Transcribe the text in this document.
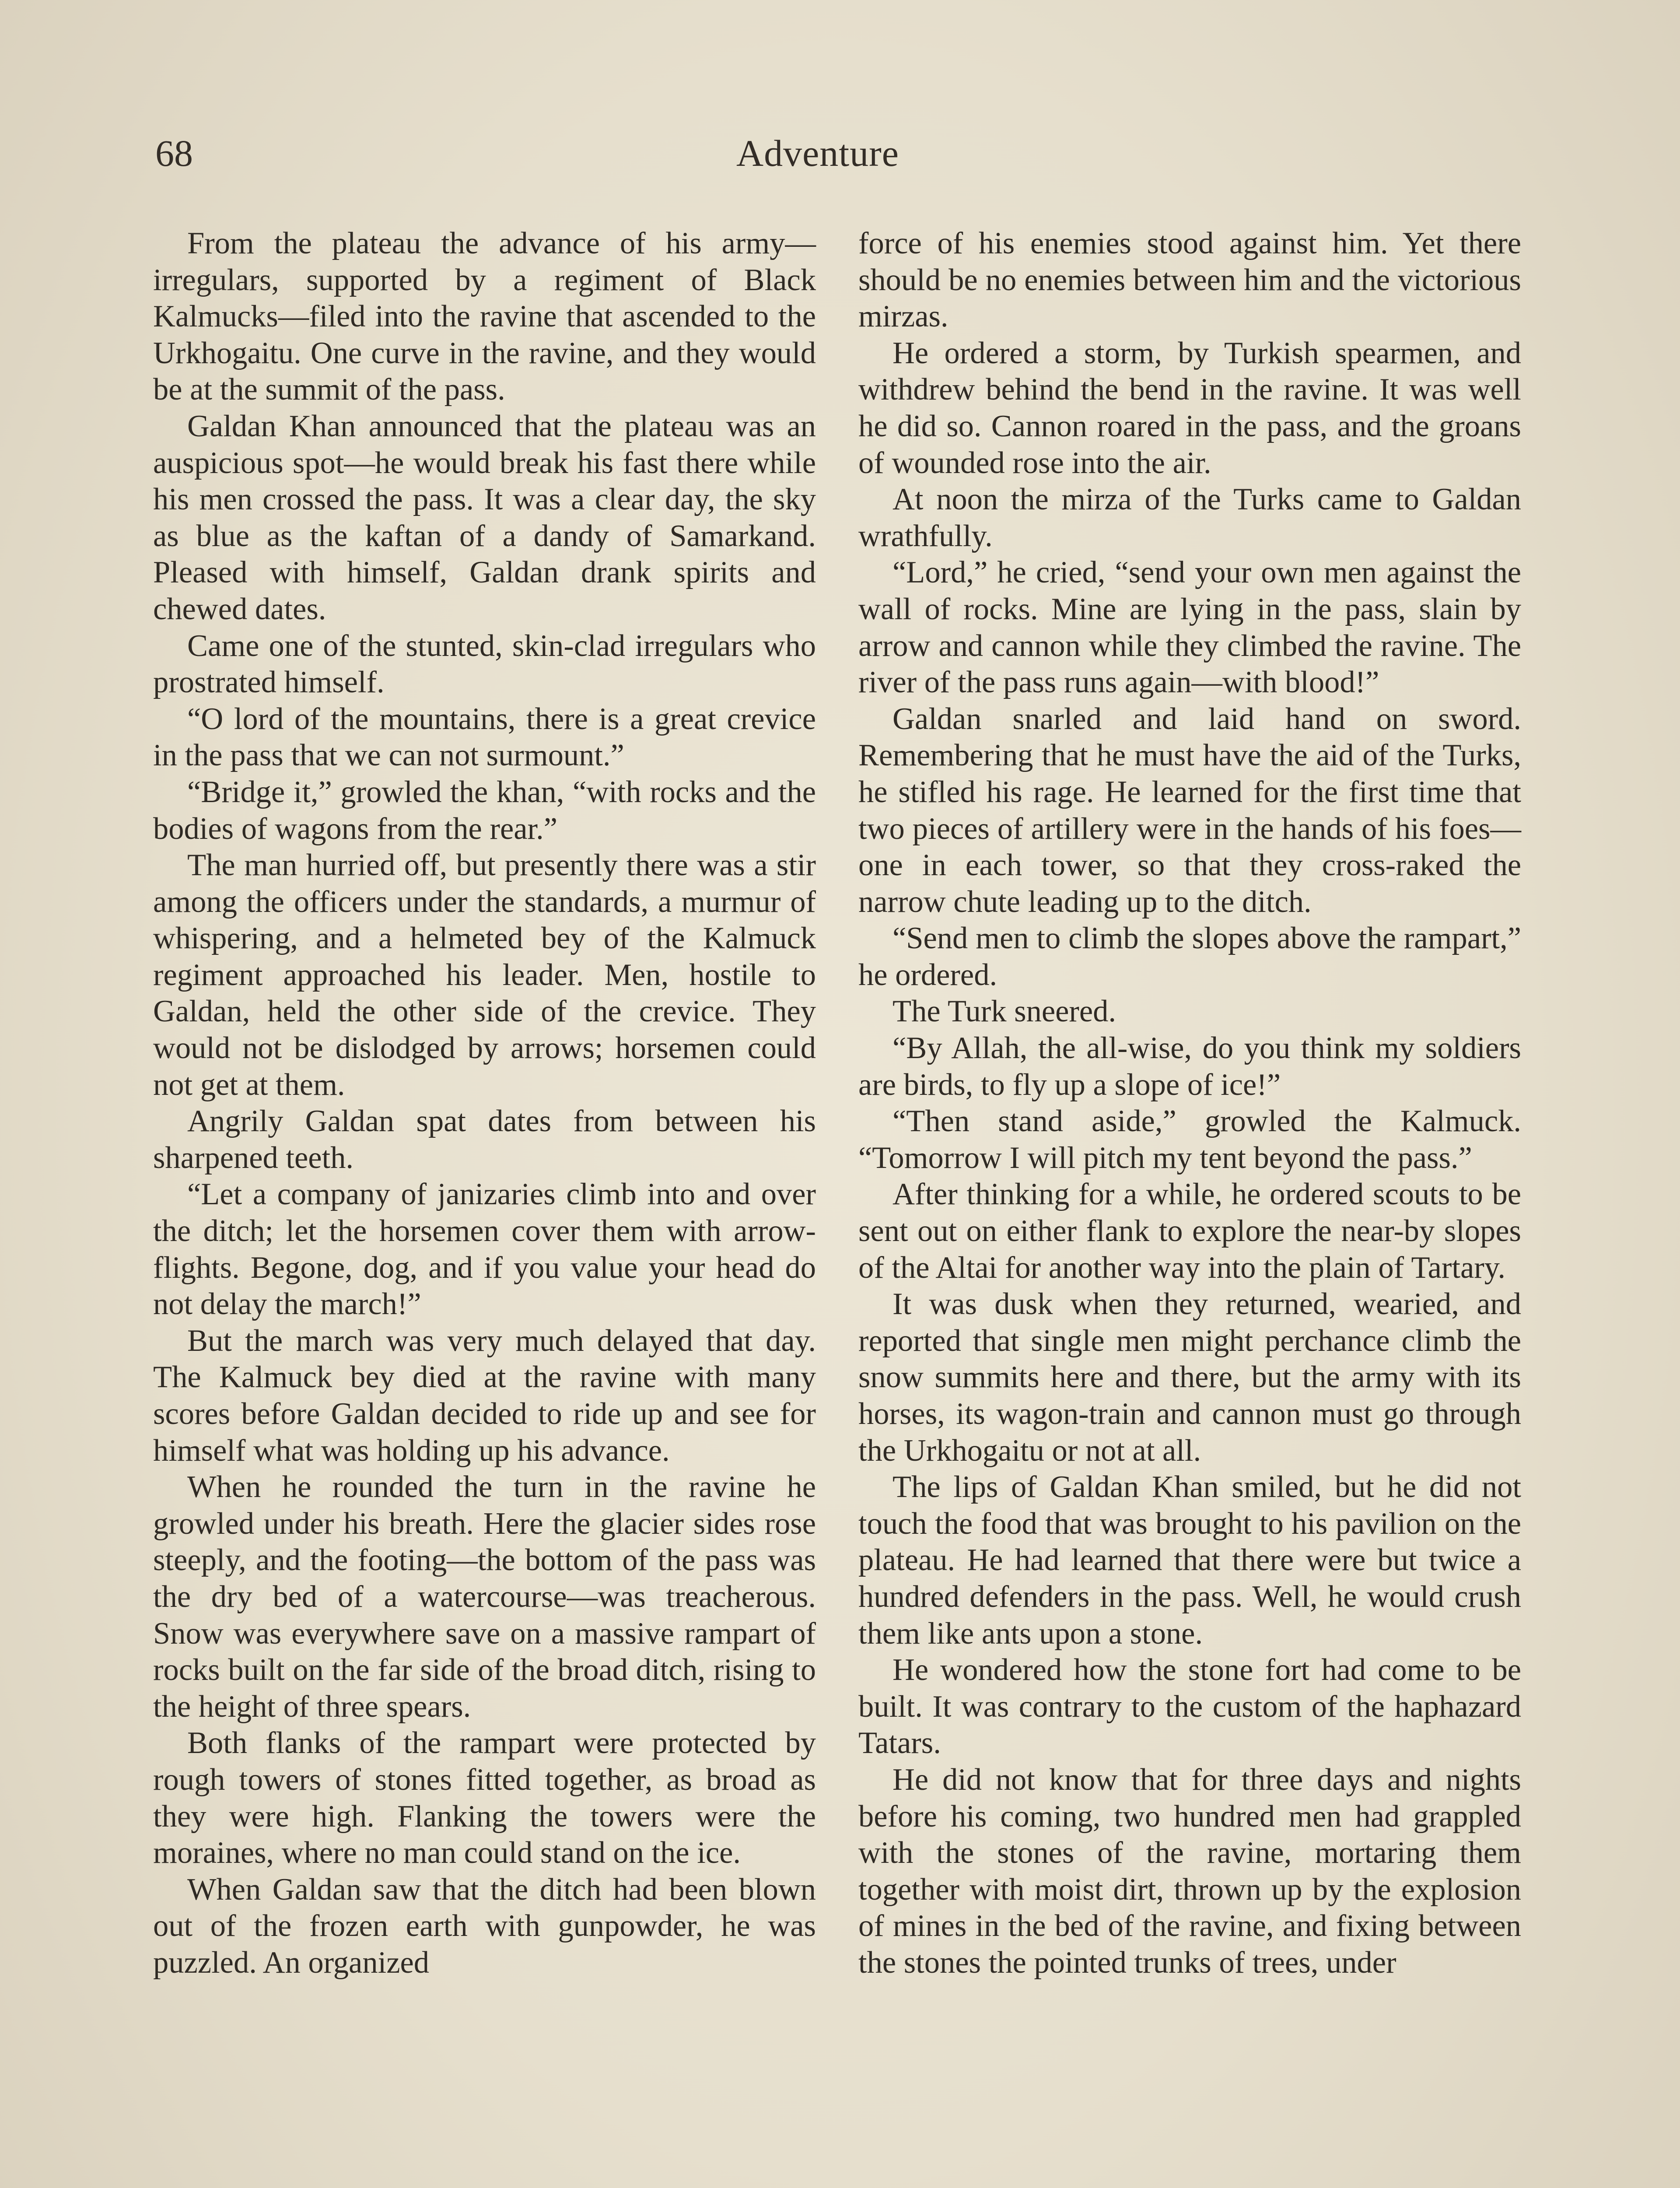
68	Adventure

From the plateau the advance of his army—irregulars, supported by a regiment of Black Kalmucks—filed into the ravine that ascended to the Urkhogaitu. One curve in the ravine, and they would be at the summit of the pass.

Galdan Khan announced that the plateau was an auspicious spot—he would break his fast there while his men crossed the pass. It was a clear day, the sky as blue as the kaftan of a dandy of Samarkand. Pleased with himself, Galdan drank spirits and chewed dates.

Came one of the stunted, skin-clad irregulars who prostrated himself.

“O lord of the mountains, there is a great crevice in the pass that we can not surmount.”

“Bridge it,” growled the khan, “with rocks and the bodies of wagons from the rear.”

The man hurried off, but presently there was a stir among the officers under the standards, a murmur of whispering, and a helmeted bey of the Kalmuck regiment approached his leader. Men, hostile to Galdan, held the other side of the crevice. They would not be dislodged by arrows; horsemen could not get at them.

Angrily Galdan spat dates from between his sharpened teeth.

“Let a company of janizaries climb into and over the ditch; let the horsemen cover them with arrow-flights. Begone, dog, and if you value your head do not delay the march!”

But the march was very much delayed that day. The Kalmuck bey died at the ravine with many scores before Galdan decided to ride up and see for himself what was holding up his advance.

When he rounded the turn in the ravine he growled under his breath. Here the glacier sides rose steeply, and the footing—the bottom of the pass was the dry bed of a watercourse—was treacherous. Snow was everywhere save on a massive rampart of rocks built on the far side of the broad ditch, rising to the height of three spears.

Both flanks of the rampart were protected by rough towers of stones fitted together, as broad as they were high. Flanking the towers were the moraines, where no man could stand on the ice.

When Galdan saw that the ditch had been blown out of the frozen earth with gunpowder, he was puzzled. An organized

force of his enemies stood against him. Yet there should be no enemies between him and the victorious mirzas.

He ordered a storm, by Turkish spearmen, and withdrew behind the bend in the ravine. It was well he did so. Cannon roared in the pass, and the groans of wounded rose into the air.

At noon the mirza of the Turks came to Galdan wrathfully.

“Lord,” he cried, “send your own men against the wall of rocks. Mine are lying in the pass, slain by arrow and cannon while they climbed the ravine. The river of the pass runs again—with blood!”

Galdan snarled and laid hand on sword. Remembering that he must have the aid of the Turks, he stifled his rage. He learned for the first time that two pieces of artillery were in the hands of his foes—one in each tower, so that they cross-raked the narrow chute leading up to the ditch.

“Send men to climb the slopes above the rampart,” he ordered.

The Turk sneered.

“By Allah, the all-wise, do you think my soldiers are birds, to fly up a slope of ice!”

“Then stand aside,” growled the Kalmuck. “Tomorrow I will pitch my tent beyond the pass.”

After thinking for a while, he ordered scouts to be sent out on either flank to explore the near-by slopes of the Altai for another way into the plain of Tartary.

It was dusk when they returned, wearied, and reported that single men might perchance climb the snow summits here and there, but the army with its horses, its wagon-train and cannon must go through the Urkhogaitu or not at all.

The lips of Galdan Khan smiled, but he did not touch the food that was brought to his pavilion on the plateau. He had learned that there were but twice a hundred defenders in the pass. Well, he would crush them like ants upon a stone.

He wondered how the stone fort had come to be built. It was contrary to the custom of the haphazard Tatars.

He did not know that for three days and nights before his coming, two hundred men had grappled with the stones of the ravine, mortaring them together with moist dirt, thrown up by the explosion of mines in the bed of the ravine, and fixing between the stones the pointed trunks of trees, under
